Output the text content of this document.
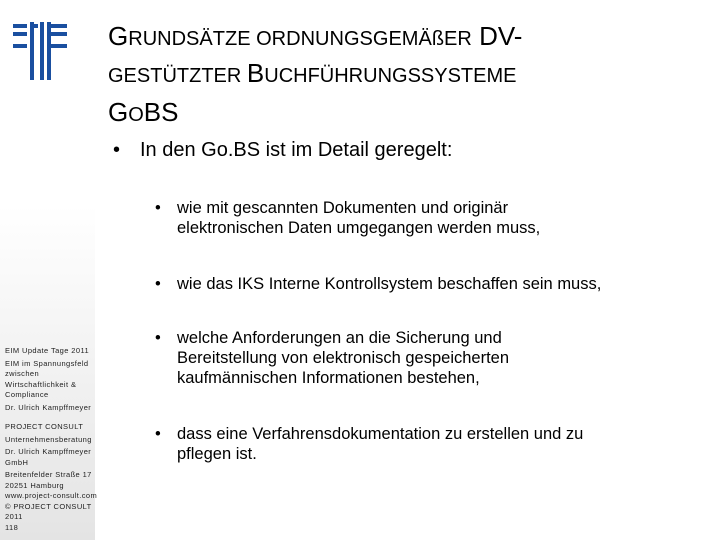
EIM Update Tage 2011
EIM im Spannungsfeld
zwischen
Wirtschaftlichkeit &
Compliance
Dr. Ulrich Kampffmeyer
PROJECT CONSULT
Unternehmensberatung
Dr. Ulrich Kampffmeyer
GmbH
Breitenfelder Straße 17
20251 Hamburg
www.project-consult.com
© PROJECT CONSULT
2011
118
GRUNDSÄTZE ORDNUNGSGEMÄßER DV-
GESTÜTZTER BUCHFÜHRUNGSSYSTEME
GOBS
• In den Go.BS ist im Detail geregelt:
• wie mit gescannten Dokumenten und originär
elektronischen Daten umgegangen werden muss,
• wie das IKS Interne Kontrollsystem beschaffen sein muss,
• welche Anforderungen an die Sicherung und
Bereitstellung von elektronisch gespeicherten
kaufmännischen Informationen bestehen,
• dass eine Verfahrensdokumentation zu erstellen und zu
pflegen ist.
